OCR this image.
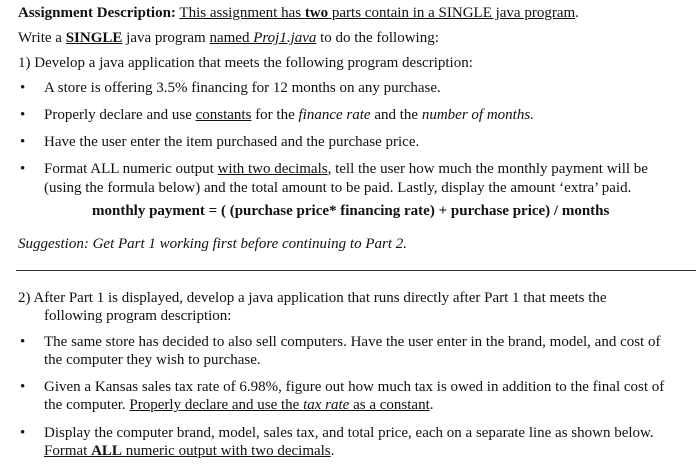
Assignment Description: This assignment has two parts contain in a SINGLE java program.
Write a SINGLE java program named Proj1.java to do the following:
1) Develop a java application that meets the following program description:
• A store is offering 3.5% financing for 12 months on any purchase.
• Properly declare and use constants for the finance rate and the number of months.
• Have the user enter the item purchased and the purchase price.
• Format ALL numeric output with two decimals, tell the user how much the monthly payment will be
(using the formula below) and the total amount to be paid. Lastly, display the amount ‘extra’ paid.
monthly payment = ( (purchase price* financing rate) + purchase price) / months
Suggestion: Get Part 1 working first before continuing to Part 2.
2) After Part 1 is displayed, develop a java application that runs directly after Part 1 that meets the
following program description:
• The same store has decided to also sell computers. Have the user enter in the brand, model, and cost of
the computer they wish to purchase.
• Given a Kansas sales tax rate of 6.98%, figure out how much tax is owed in addition to the final cost of
the computer. Properly declare and use the tax rate as a constant.
• Display the computer brand, model, sales tax, and total price, each on a separate line as shown below.
Format ALL numeric output with two decimals.
